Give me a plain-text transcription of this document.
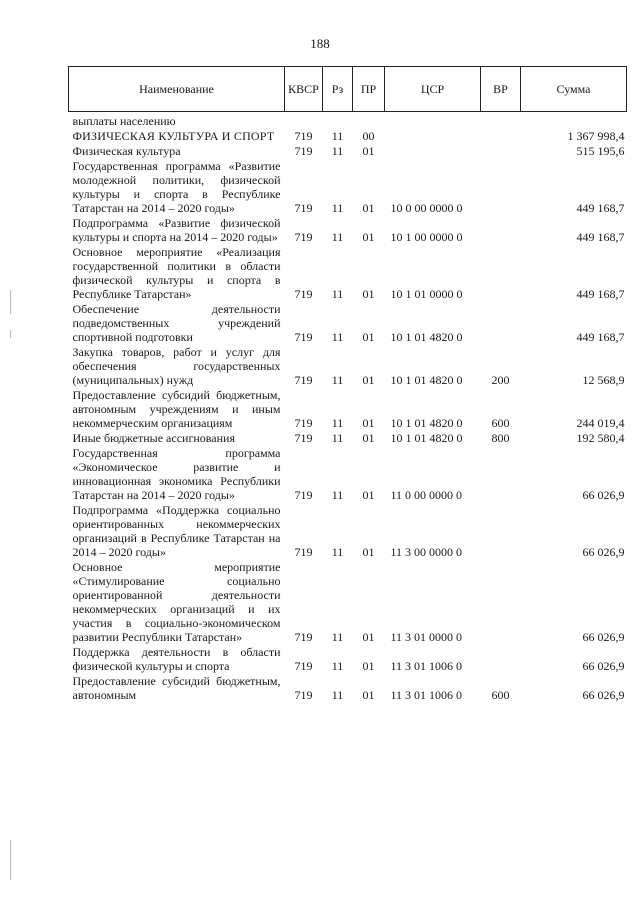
188
Наименование	КВСР	Рз	ПР	ЦСР	ВР	Сумма
выплаты населению						
ФИЗИЧЕСКАЯ КУЛЬТУРА И СПОРТ	719	11	00			1 367 998,4
Физическая культура	719	11	01			515 195,6
Государственная программа «Развитие молодежной политики, физической культуры и спорта в Республике Татарстан на 2014 – 2020 годы»	719	11	01	10 0 00 0000 0		449 168,7
Подпрограмма «Развитие физической культуры и спорта на 2014 – 2020 годы»	719	11	01	10 1 00 0000 0		449 168,7
Основное мероприятие «Реализация государственной политики в области физической культуры и спорта в Республике Татарстан»	719	11	01	10 1 01 0000 0		449 168,7
Обеспечение деятельности подведомственных учреждений спортивной подготовки	719	11	01	10 1 01 4820 0		449 168,7
Закупка товаров, работ и услуг для обеспечения государственных (муниципальных) нужд	719	11	01	10 1 01 4820 0	200	12 568,9
Предоставление субсидий бюджетным, автономным учреждениям и иным некоммерческим организациям	719	11	01	10 1 01 4820 0	600	244 019,4
Иные бюджетные ассигнования	719	11	01	10 1 01 4820 0	800	192 580,4
Государственная программа «Экономическое развитие и инновационная экономика Республики Татарстан на 2014 – 2020 годы»	719	11	01	11 0 00 0000 0		66 026,9
Подпрограмма «Поддержка социально ориентированных некоммерческих организаций в Республике Татарстан на 2014 – 2020 годы»	719	11	01	11 3 00 0000 0		66 026,9
Основное мероприятие «Стимулирование социально ориентированной деятельности некоммерческих организаций и их участия в социально-экономическом развитии Республики Татарстан»	719	11	01	11 3 01 0000 0		66 026,9
Поддержка деятельности в области физической культуры и спорта	719	11	01	11 3 01 1006 0		66 026,9
Предоставление субсидий бюджетным, автономным	719	11	01	11 3 01 1006 0	600	66 026,9
